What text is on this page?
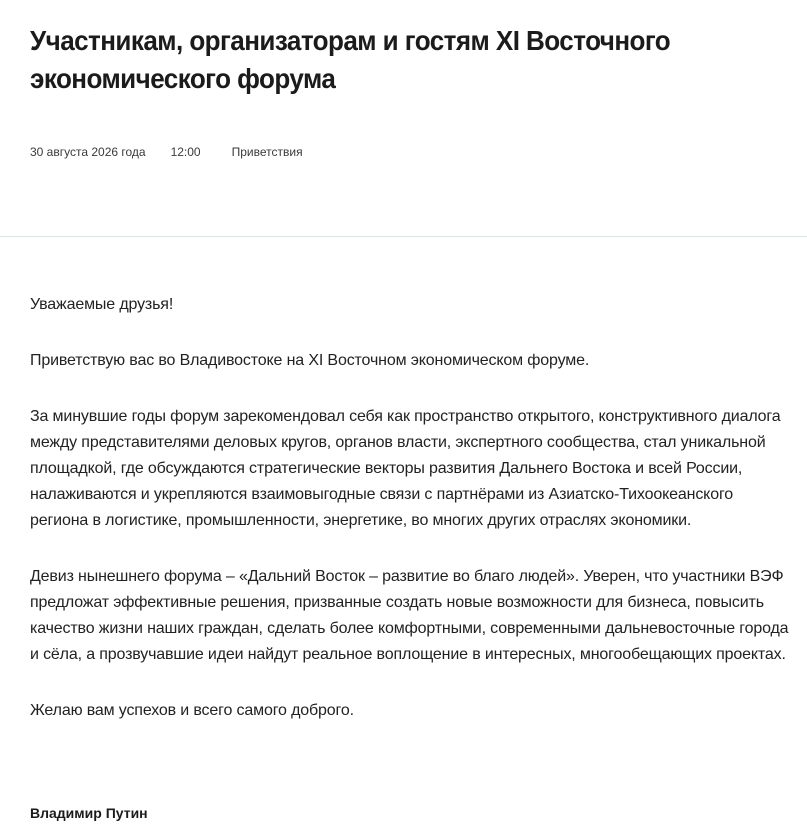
Участникам, организаторам и гостям XI Восточного экономического форума
30 августа 2026 года 12:00	Приветствия

Уважаемые друзья!

Приветствую вас во Владивостоке на XI Восточном экономическом форуме.

За минувшие годы форум зарекомендовал себя как пространство открытого, конструктивного диалога между представителями деловых кругов, органов власти, экспертного сообщества, стал уникальной площадкой, где обсуждаются стратегические векторы развития Дальнего Востока и всей России, налаживаются и укрепляются взаимовыгодные связи с партнёрами из Азиатско-Тихоокеанского региона в логистике, промышленности, энергетике, во многих других отраслях экономики.

Девиз нынешнего форума – «Дальний Восток – развитие во благо людей». Уверен, что участники ВЭФ предложат эффективные решения, призванные создать новые возможности для бизнеса, повысить качество жизни наших граждан, сделать более комфортными, современными дальневосточные города и сёла, а прозвучавшие идеи найдут реальное воплощение в интересных, многообещающих проектах.

Желаю вам успехов и всего самого доброго.

Владимир Путин
